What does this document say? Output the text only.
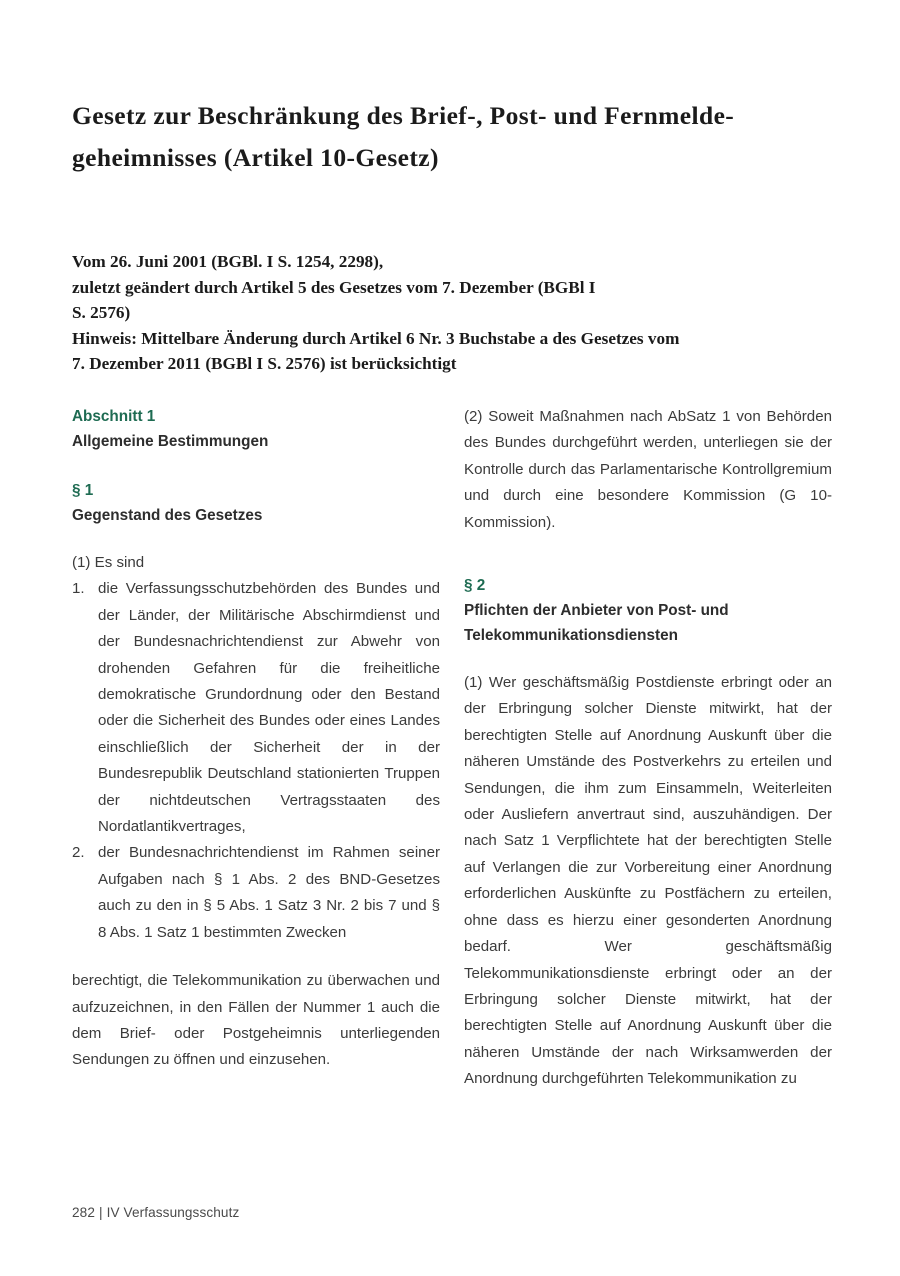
Gesetz zur Beschränkung des Brief-, Post- und Fernmelde-
geheimnisses (Artikel 10-Gesetz)
Vom 26. Juni 2001 (BGBl. I S. 1254, 2298),
zuletzt geändert durch Artikel 5 des Gesetzes vom 7. Dezember (BGBl I
S. 2576)
Hinweis: Mittelbare Änderung durch Artikel 6 Nr. 3 Buchstabe a des Gesetzes vom
7. Dezember 2011 (BGBl I S. 2576) ist berücksichtigt
Abschnitt 1
Allgemeine Bestimmungen
§ 1
Gegenstand des Gesetzes

(1) Es sind

1. die Verfassungsschutzbehörden des Bundes und der Länder, der Militärische Abschirmdienst und der Bundesnachrichtendienst zur Abwehr von drohenden Gefahren für die freiheitliche demokratische Grundordnung oder den Bestand oder die Sicherheit des Bundes oder eines Landes einschließlich der Sicherheit der in der Bundesrepublik Deutschland stationierten Truppen der nichtdeutschen Vertragsstaaten des Nordatlantikvertrages,
2. der Bundesnachrichtendienst im Rahmen seiner Aufgaben nach § 1 Abs. 2 des BND-Gesetzes auch zu den in § 5 Abs. 1 Satz 3 Nr. 2 bis 7 und § 8 Abs. 1 Satz 1 bestimmten Zwecken

berechtigt, die Telekommunikation zu überwachen und aufzuzeichnen, in den Fällen der Nummer 1 auch die dem Brief- oder Postgeheimnis unterliegenden Sendungen zu öffnen und einzusehen.

(2) Soweit Maßnahmen nach AbSatz 1 von Behörden des Bundes durchgeführt werden, unterliegen sie der Kontrolle durch das Parlamentarische Kontrollgremium und durch eine besondere Kommission (G 10-Kommission).

§ 2
Pflichten der Anbieter von Post- und
Telekommunikationsdiensten

(1) Wer geschäftsmäßig Postdienste erbringt oder an der Erbringung solcher Dienste mitwirkt, hat der berechtigten Stelle auf Anordnung Auskunft über die näheren Umstände des Postverkehrs zu erteilen und Sendungen, die ihm zum Einsammeln, Weiterleiten oder Ausliefern anvertraut sind, auszuhändigen. Der nach Satz 1 Verpflichtete hat der berechtigten Stelle auf Verlangen die zur Vorbereitung einer Anordnung erforderlichen Auskünfte zu Postfächern zu erteilen, ohne dass es hierzu einer gesonderten Anordnung bedarf. Wer geschäftsmäßig Telekommunikationsdienste erbringt oder an der Erbringung solcher Dienste mitwirkt, hat der berechtigten Stelle auf Anordnung Auskunft über die näheren Umstände der nach Wirksamwerden der Anordnung durchgeführten Telekommunikation zu

282 | IV Verfassungsschutz
